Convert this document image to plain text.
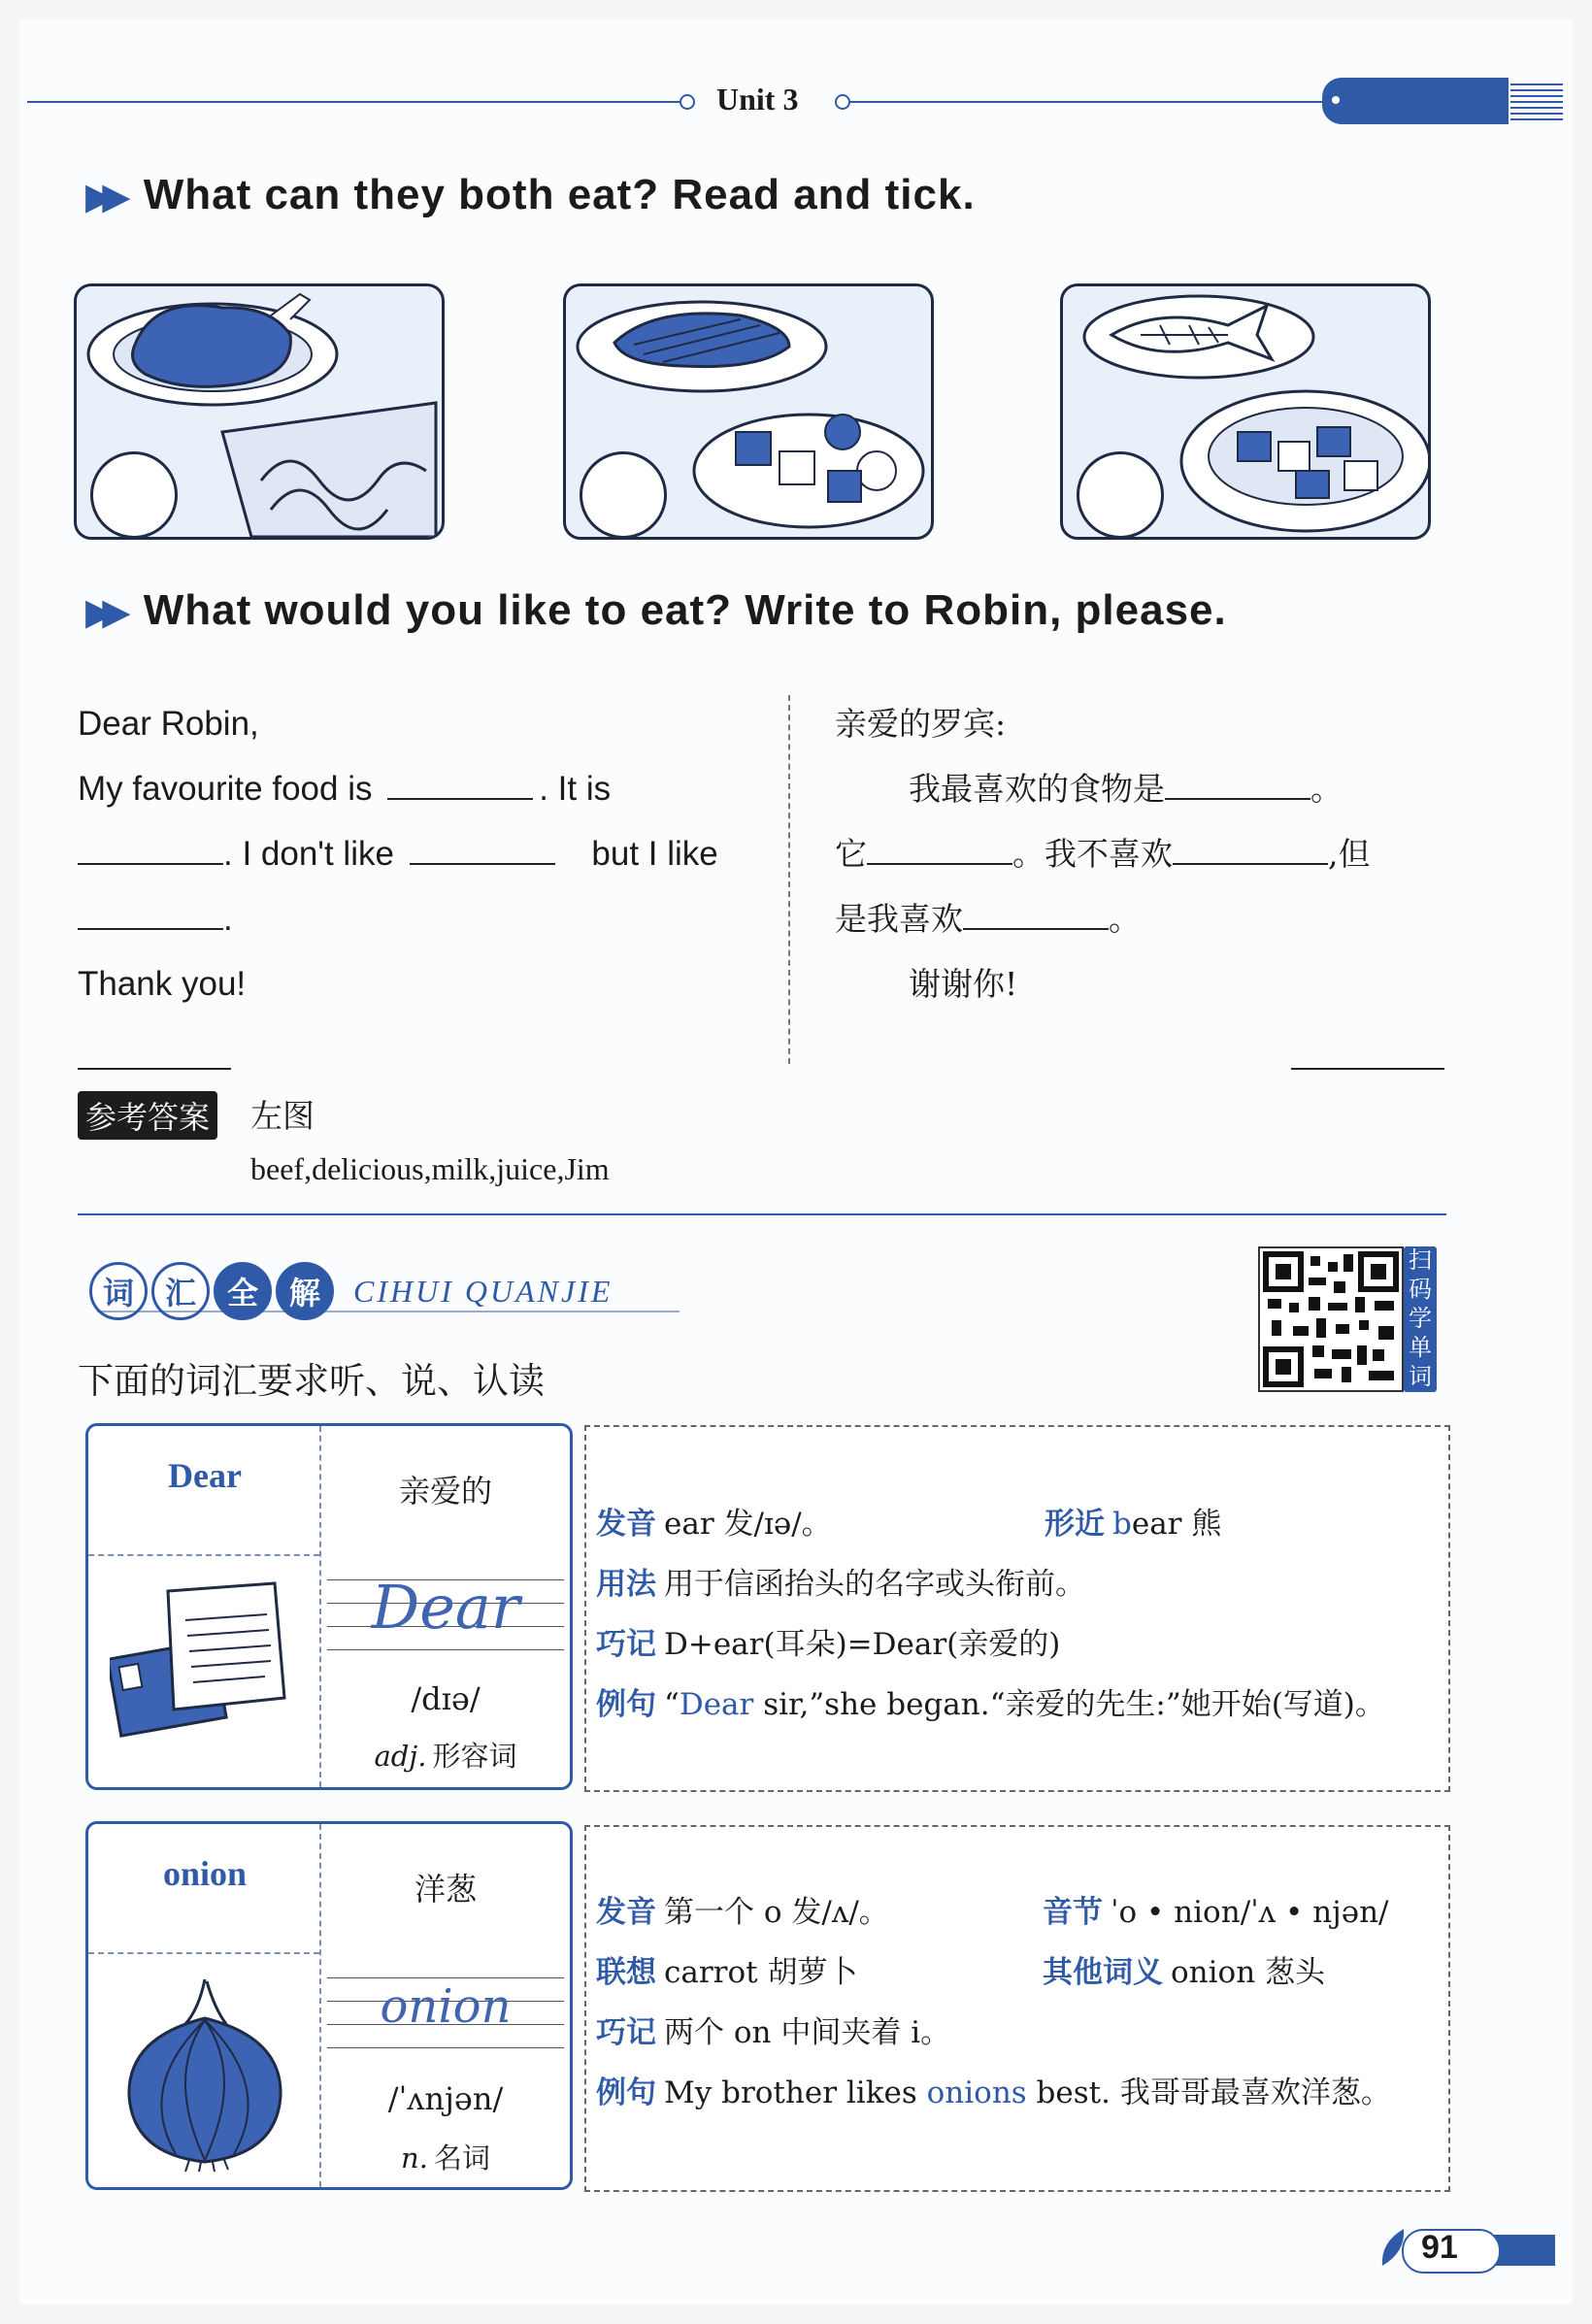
Unit 3
▶▶ What can they both eat? Read and tick.
▶▶ What would you like to eat? Write to Robin, please.
Dear Robin,
My favourite food is	. It is
. I don't like	but I like
.
Thank you!
亲爱的罗宾:
我最喜欢的食物是	。
它	。我不喜欢	,但
是我喜欢	。
谢谢你!
参考答案 左图
beef,delicious,milk,juice,Jim
词 汇 全 解	CIHUI QUANJIE
扫
码
学
单
词
下面的词汇要求听、说、认读
Dear	亲爱的
Dear
/dɪə/
adj. 形容词
发音 ear 发/ɪə/。	形近 bear 熊
用法 用于信函抬头的名字或头衔前。
巧记 D+ear(耳朵)=Dear(亲爱的)
例句 “Dear sir,”she began.“亲爱的先生:”她开始(写道)。
onion	洋葱
onion
/ˈʌnjən/
n. 名词
发音 第一个 o 发/ʌ/。	音节 ˈo • nion/ˈʌ • njən/
联想 carrot 胡萝卜	其他词义 onion 葱头
巧记 两个 on 中间夹着 i。
例句 My brother likes onions best. 我哥哥最喜欢洋葱。
91
